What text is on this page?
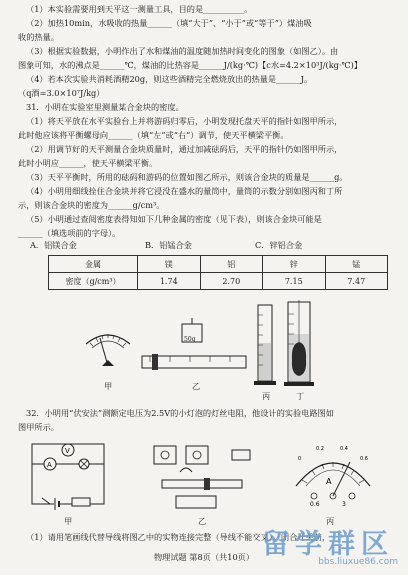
（1）本实验需要用到天平这一测量工具，目的是__________。
（2）加热10min，水吸收的热量______（填“大于”、“小于”或“等于”）煤油吸
收的热量。
（3）根据实验数据，小明作出了水和煤油的温度随加热时间变化的图象（如图乙）。由
图象可知，水的沸点是______℃，煤油的比热容是______J/(kg·℃)【c水=4.2×10³J/(kg·℃)】
（4）若本次实验共消耗酒精20g，则这些酒精完全燃烧放出的热量是______J。
（q酒=3.0×10⁷J/kg）
31．小明在实验室里测量某合金块的密度。
（1）将天平放在水平实验台上并将游码归零后，小明发现托盘天平的指针如图甲所示，
此时他应该将平衡螺母向______（填“左”或“右”）调节，使天平横梁平衡。
（2）用调节好的天平测量合金块质量时，通过加减砝码后，天平的指针仍如图甲所示，
此时小明应______，使天平横梁平衡。
（3）天平平衡时，所用的砝码和游码的位置如图乙所示，则该合金块的质量是______g。
（4）小明用细线拴住合金块并将它浸没在盛水的量筒中，量筒的示数分别如图丙和丁所
示，则该合金块的密度为______g/cm³。
（5）小明通过查阅密度表得知如下几种金属的密度（见下表），则该合金块可能是
______（填选项前的字母）。
A．铝镁合金	B．铝锰合金	C．锌铝合金
金属	镁	铝	锌	锰
密度（g/cm³）	1.74	2.70	7.15	7.47
50g
甲	乙
丙	丁
32．小明用“伏安法”测额定电压为2.5V的小灯泡的灯丝电阻，他设计的实验电路图如
图甲所示。
V
A
A
0
0.2	0.4
0.6
0.6	3
甲	乙	丙
（1）请用笔画线代替导线将图乙中的实物连接完整（导线不能交叉）。闭合开关前，
物理试题 第8页（共10页） 留学群区
bbs.liuxue86.com
